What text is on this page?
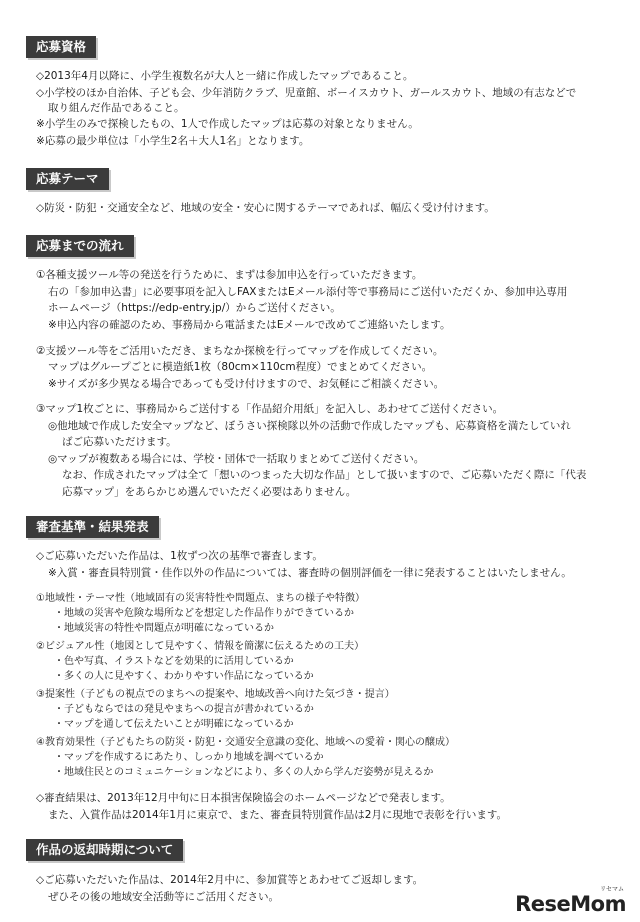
応募資格
◇2013年4月以降に、小学生複数名が大人と一緒に作成したマップであること。
◇小学校のほか自治体、子ども会、少年消防クラブ、児童館、ボーイスカウト、ガールスカウト、地域の有志などで
取り組んだ作品であること。
※小学生のみで探検したもの、1人で作成したマップは応募の対象となりません。
※応募の最少単位は「小学生2名＋大人1名」となります。
応募テーマ
◇防災・防犯・交通安全など、地域の安全・安心に関するテーマであれば、幅広く受け付けます。
応募までの流れ
①各種支援ツール等の発送を行うために、まずは参加申込を行っていただきます。
右の「参加申込書」に必要事項を記入しFAXまたはEメール添付等で事務局にご送付いただくか、参加申込専用
ホームページ（https://edp-entry.jp/）からご送付ください。
※申込内容の確認のため、事務局から電話またはEメールで改めてご連絡いたします。
②支援ツール等をご活用いただき、まちなか探検を行ってマップを作成してください。
マップはグループごとに模造紙1枚（80cm×110cm程度）でまとめてください。
※サイズが多少異なる場合であっても受け付けますので、お気軽にご相談ください。
③マップ1枚ごとに、事務局からご送付する「作品紹介用紙」を記入し、あわせてご送付ください。
◎他地域で作成した安全マップなど、ぼうさい探検隊以外の活動で作成したマップも、応募資格を満たしていれ
ばご応募いただけます。
◎マップが複数ある場合には、学校・団体で一括取りまとめてご送付ください。
なお、作成されたマップは全て「想いのつまった大切な作品」として扱いますので、ご応募いただく際に「代表
応募マップ」をあらかじめ選んでいただく必要はありません。
審査基準・結果発表
◇ご応募いただいた作品は、1枚ずつ次の基準で審査します。
※入賞・審査員特別賞・佳作以外の作品については、審査時の個別評価を一律に発表することはいたしません。
①地域性・テーマ性（地域固有の災害特性や問題点、まちの様子や特徴）
・地域の災害や危険な場所などを想定した作品作りができているか
・地域災害の特性や問題点が明確になっているか
②ビジュアル性（地図として見やすく、情報を簡潔に伝えるための工夫）
・色や写真、イラストなどを効果的に活用しているか
・多くの人に見やすく、わかりやすい作品になっているか
③提案性（子どもの視点でのまちへの提案や、地域改善へ向けた気づき・提言）
・子どもならではの発見やまちへの提言が書かれているか
・マップを通して伝えたいことが明確になっているか
④教育効果性（子どもたちの防災・防犯・交通安全意識の変化、地域への愛着・関心の醸成）
・マップを作成するにあたり、しっかり地域を調べているか
・地域住民とのコミュニケーションなどにより、多くの人から学んだ姿勢が見えるか
◇審査結果は、2013年12月中旬に日本損害保険協会のホームページなどで発表します。
また、入賞作品は2014年1月に東京で、また、審査員特別賞作品は2月に現地で表彰を行います。
作品の返却時期について
◇ご応募いただいた作品は、2014年2月中に、参加賞等とあわせてご返却します。
ぜひその後の地域安全活動等にご活用ください。
リセマム
ReseMom
